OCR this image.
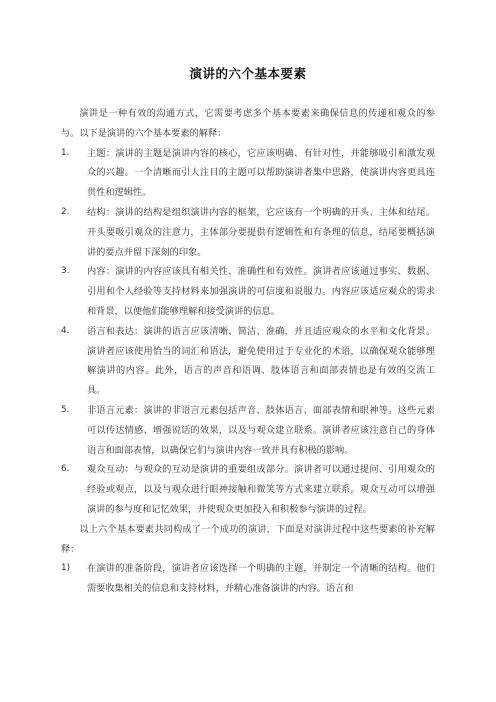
演讲的六个基本要素

演讲是一种有效的沟通方式，它需要考虑多个基本要素来确保信息的传递和观众的参与。以下是演讲的六个基本要素的解释：

1.	主题：演讲的主题是演讲内容的核心，它应该明确、有针对性，并能够吸引和激发观众的兴趣。一个清晰而引人注目的主题可以帮助演讲者集中思路，使演讲内容更具连贯性和逻辑性。
2.	结构：演讲的结构是组织演讲内容的框架，它应该有一个明确的开头、主体和结尾。开头要吸引观众的注意力，主体部分要提供有逻辑性和有条理的信息，结尾要概括演讲的要点并留下深刻的印象。
3.	内容：演讲的内容应该具有相关性、准确性和有效性。演讲者应该通过事实、数据、引用和个人经验等支持材料来加强演讲的可信度和说服力。内容应该适应观众的需求和背景，以便他们能够理解和接受演讲的信息。
4.	语言和表达：演讲的语言应该清晰、简洁、准确，并且适应观众的水平和文化背景。演讲者应该使用恰当的词汇和语法，避免使用过于专业化的术语，以确保观众能够理解演讲的内容。此外，语言的声音和语调、肢体语言和面部表情也是有效的交流工具。
5.	非语言元素：演讲的非语言元素包括声音、肢体语言、面部表情和眼神等。这些元素可以传达情感、增强说话的效果，以及与观众建立联系。演讲者应该注意自己的身体语言和面部表情，以确保它们与演讲内容一致并具有积极的影响。
6.	观众互动：与观众的互动是演讲的重要组成部分。演讲者可以通过提问、引用观众的经验或观点，以及与观众进行眼神接触和微笑等方式来建立联系。观众互动可以增强演讲的参与度和记忆效果，并使观众更加投入和积极参与演讲的过程。

以上六个基本要素共同构成了一个成功的演讲，下面是对演讲过程中这些要素的补充解释：

1)	在演讲的准备阶段，演讲者应该选择一个明确的主题，并制定一个清晰的结构。他们需要收集相关的信息和支持材料，并精心准备演讲的内容。语言和
